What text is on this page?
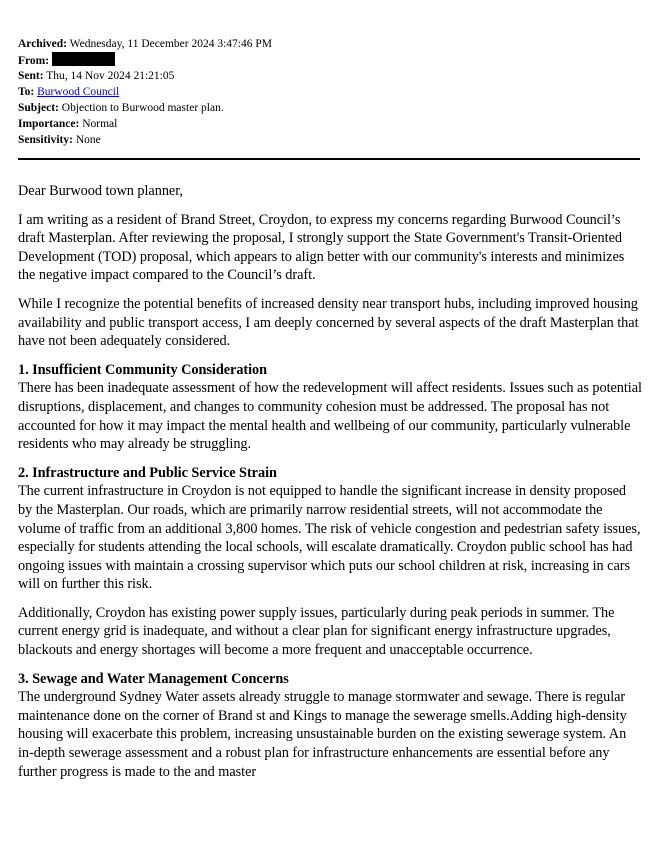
Archived: Wednesday, 11 December 2024 3:47:46 PM
From:
Sent: Thu, 14 Nov 2024 21:21:05
To: Burwood Council
Subject: Objection to Burwood master plan.
Importance: Normal
Sensitivity: None

Dear Burwood town planner,

I am writing as a resident of Brand Street, Croydon, to express my concerns regarding Burwood Council’s draft Masterplan. After reviewing the proposal, I strongly support the State Government's Transit-Oriented Development (TOD) proposal, which appears to align better with our community's interests and minimizes the negative impact compared to the Council’s draft.

While I recognize the potential benefits of increased density near transport hubs, including improved housing availability and public transport access, I am deeply concerned by several aspects of the draft Masterplan that have not been adequately considered.

1. Insufficient Community Consideration
There has been inadequate assessment of how the redevelopment will affect residents. Issues such as potential disruptions, displacement, and changes to community cohesion must be addressed. The proposal has not accounted for how it may impact the mental health and wellbeing of our community, particularly vulnerable residents who may already be struggling.
2. Infrastructure and Public Service Strain
The current infrastructure in Croydon is not equipped to handle the significant increase in density proposed by the Masterplan. Our roads, which are primarily narrow residential streets, will not accommodate the volume of traffic from an additional 3,800 homes. The risk of vehicle congestion and pedestrian safety issues, especially for students attending the local schools, will escalate dramatically. Croydon public school has had ongoing issues with maintain a crossing supervisor which puts our school children at risk, increasing in cars will on further this risk.

Additionally, Croydon has existing power supply issues, particularly during peak periods in summer. The current energy grid is inadequate, and without a clear plan for significant energy infrastructure upgrades, blackouts and energy shortages will become a more frequent and unacceptable occurrence.

3. Sewage and Water Management Concerns
The underground Sydney Water assets already struggle to manage stormwater and sewage. There is regular maintenance done on the corner of Brand st and Kings to manage the sewerage smells.Adding high-density housing will exacerbate this problem, increasing unsustainable burden on the existing sewerage system. An in-depth sewerage assessment and a robust plan for infrastructure enhancements are essential before any further progress is made to the and master
